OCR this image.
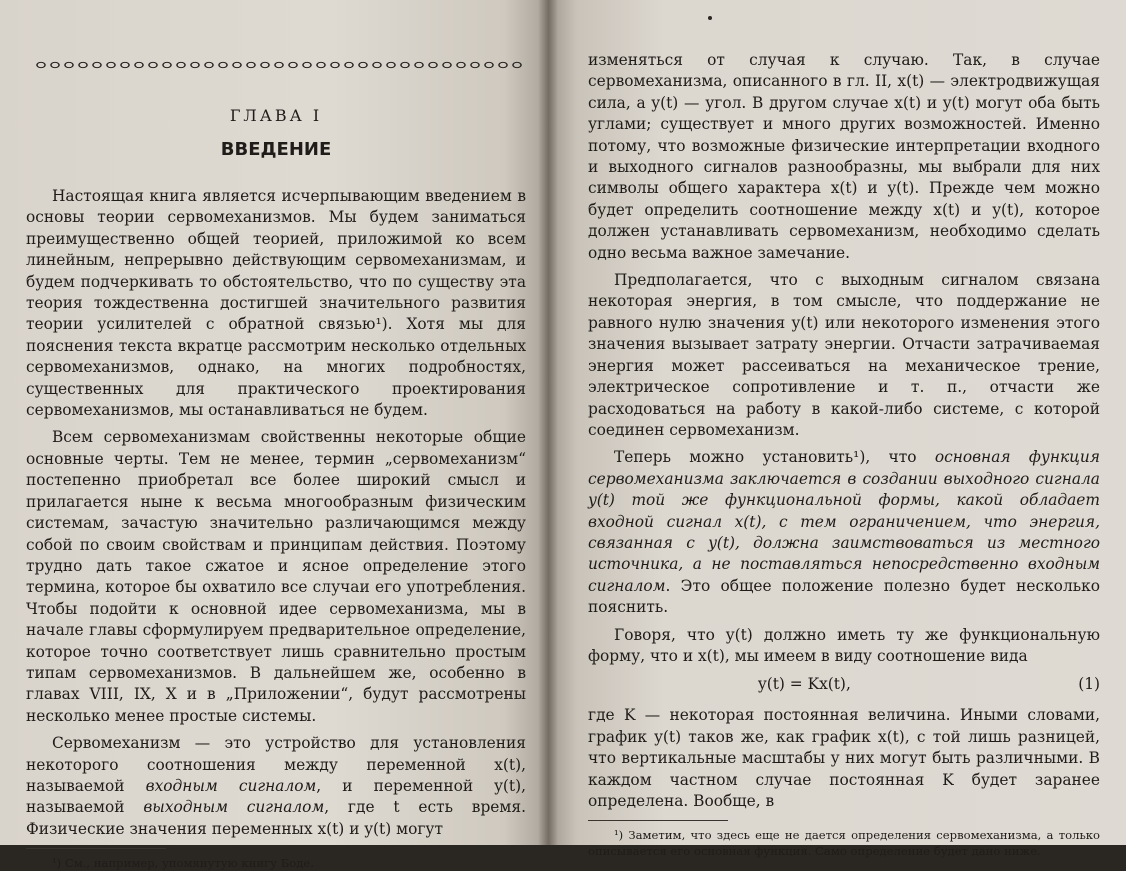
ГЛАВА I
ВВЕДЕНИЕ

Настоящая книга является исчерпывающим введением в основы теории сервомеханизмов. Мы будем заниматься преимущественно общей теорией, приложимой ко всем линейным, непрерывно действующим сервомеханизмам, и будем подчеркивать то обстоятельство, что по существу эта теория тождественна достигшей значительного развития теории усилителей с обратной связью¹). Хотя мы для пояснения текста вкратце рассмотрим несколько отдельных сервомеханизмов, однако, на многих подробностях, существенных для практического проектирования сервомеханизмов, мы останавливаться не будем.

Всем сервомеханизмам свойственны некоторые общие основные черты. Тем не менее, термин „сервомеханизм“ постепенно приобретал все более широкий смысл и прилагается ныне к весьма многообразным физическим системам, зачастую значительно различающимся между собой по своим свойствам и принципам действия. Поэтому трудно дать такое сжатое и ясное определение этого термина, которое бы охватило все случаи его употребления. Чтобы подойти к основной идее сервомеханизма, мы в начале главы сформулируем предварительное определение, которое точно соответствует лишь сравнительно простым типам сервомеханизмов. В дальнейшем же, особенно в главах VIII, IX, X и в „Приложении“, будут рассмотрены несколько менее простые системы.

Сервомеханизм — это устройство для установления некоторого соотношения между переменной x(t), называемой входным сигналом, и переменной y(t), называемой выходным сигналом, где t есть время. Физические значения переменных x(t) и y(t) могут

¹) См., например, упомянутую книгу Боде.

изменяться от случая к случаю. Так, в случае сервомеханизма, описанного в гл. II, x(t) — электродвижущая сила, а y(t) — угол. В другом случае x(t) и y(t) могут оба быть углами; существует и много других возможностей. Именно потому, что возможные физические интерпретации входного и выходного сигналов разнообразны, мы выбрали для них символы общего характера x(t) и y(t). Прежде чем можно будет определить соотношение между x(t) и y(t), которое должен устанавливать сервомеханизм, необходимо сделать одно весьма важное замечание.

Предполагается, что с выходным сигналом связана некоторая энергия, в том смысле, что поддержание не равного нулю значения y(t) или некоторого изменения этого значения вызывает затрату энергии. Отчасти затрачиваемая энергия может рассеиваться на механическое трение, электрическое сопротивление и т. п., отчасти же расходоваться на работу в какой-либо системе, с которой соединен сервомеханизм.

Теперь можно установить¹), что основная функция сервомеханизма заключается в создании выходного сигнала y(t) той же функциональной формы, какой обладает входной сигнал x(t), с тем ограничением, что энергия, связанная с y(t), должна заимствоваться из местного источника, а не поставляться непосредственно входным сигналом. Это общее положение полезно будет несколько пояснить.

Говоря, что y(t) должно иметь ту же функциональную форму, что и x(t), мы имеем в виду соотношение вида

y(t) = Kx(t),	(1)

где K — некоторая постоянная величина. Иными словами, график y(t) таков же, как график x(t), с той лишь разницей, что вертикальные масштабы у них могут быть различными. В каждом частном случае постоянная K будет заранее определена. Вообще, в

¹) Заметим, что здесь еще не дается определения сервомеханизма, а только описывается его основная функция. Само определение будет дано ниже.
